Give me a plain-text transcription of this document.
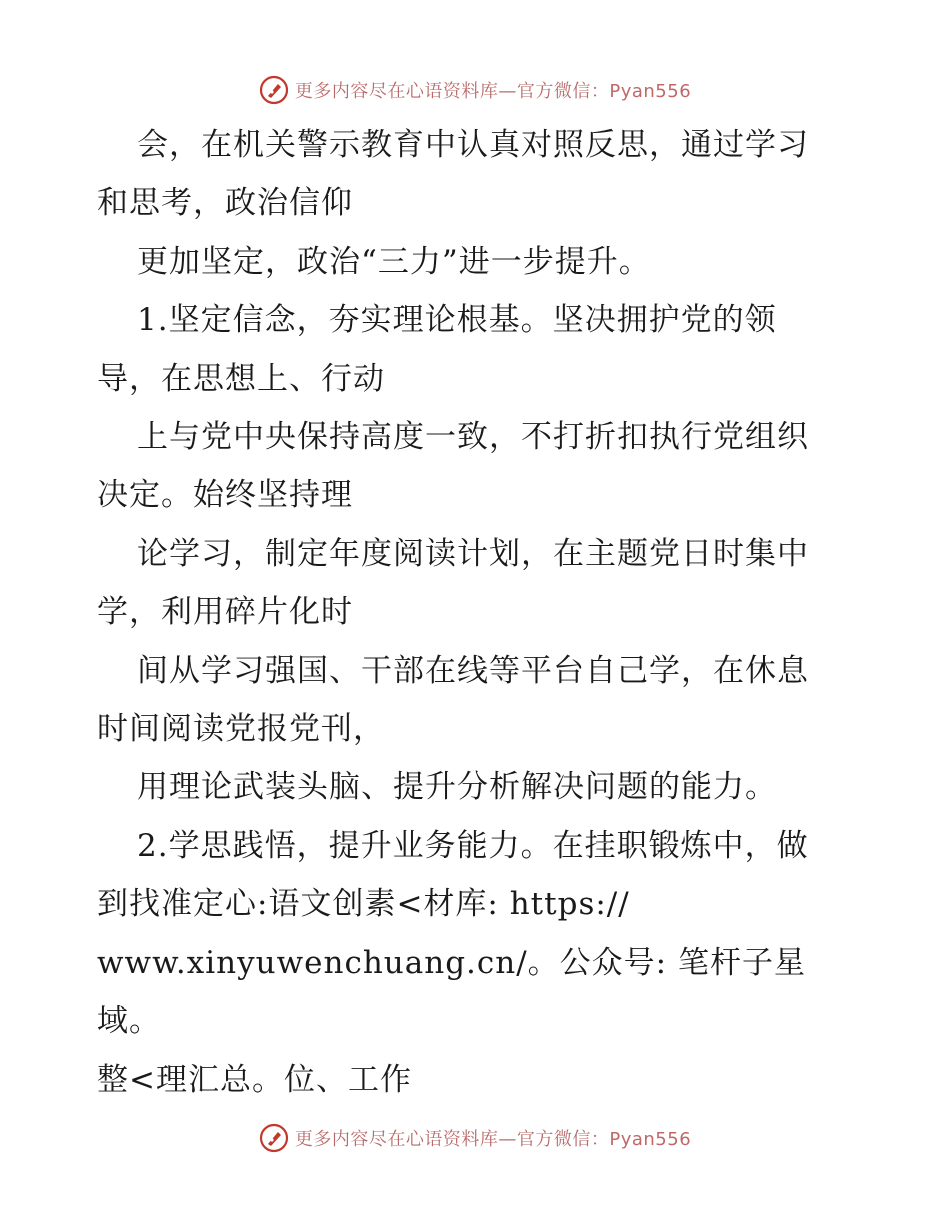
更多内容尽在心语资料库—官方微信：Pyan556

会，在机关警示教育中认真对照反思，通过学习
和思考，政治信仰

更加坚定，政治“三力”进一步提升。

1.坚定信念，夯实理论根基。坚决拥护党的领
导，在思想上、行动

上与党中央保持高度一致，不打折扣执行党组织
决定。始终坚持理

论学习，制定年度阅读计划，在主题党日时集中
学，利用碎片化时

间从学习强国、干部在线等平台自己学，在休息
时间阅读党报党刊，

用理论武装头脑、提升分析解决问题的能力。

2.学思践悟，提升业务能力。在挂职锻炼中，做
到找准定心:语文创素<材库: https://
www.xinyuwenchuang.cn/。公众号: 笔杆子星域。
整<理汇总。位、工作

更多内容尽在心语资料库—官方微信：Pyan556
